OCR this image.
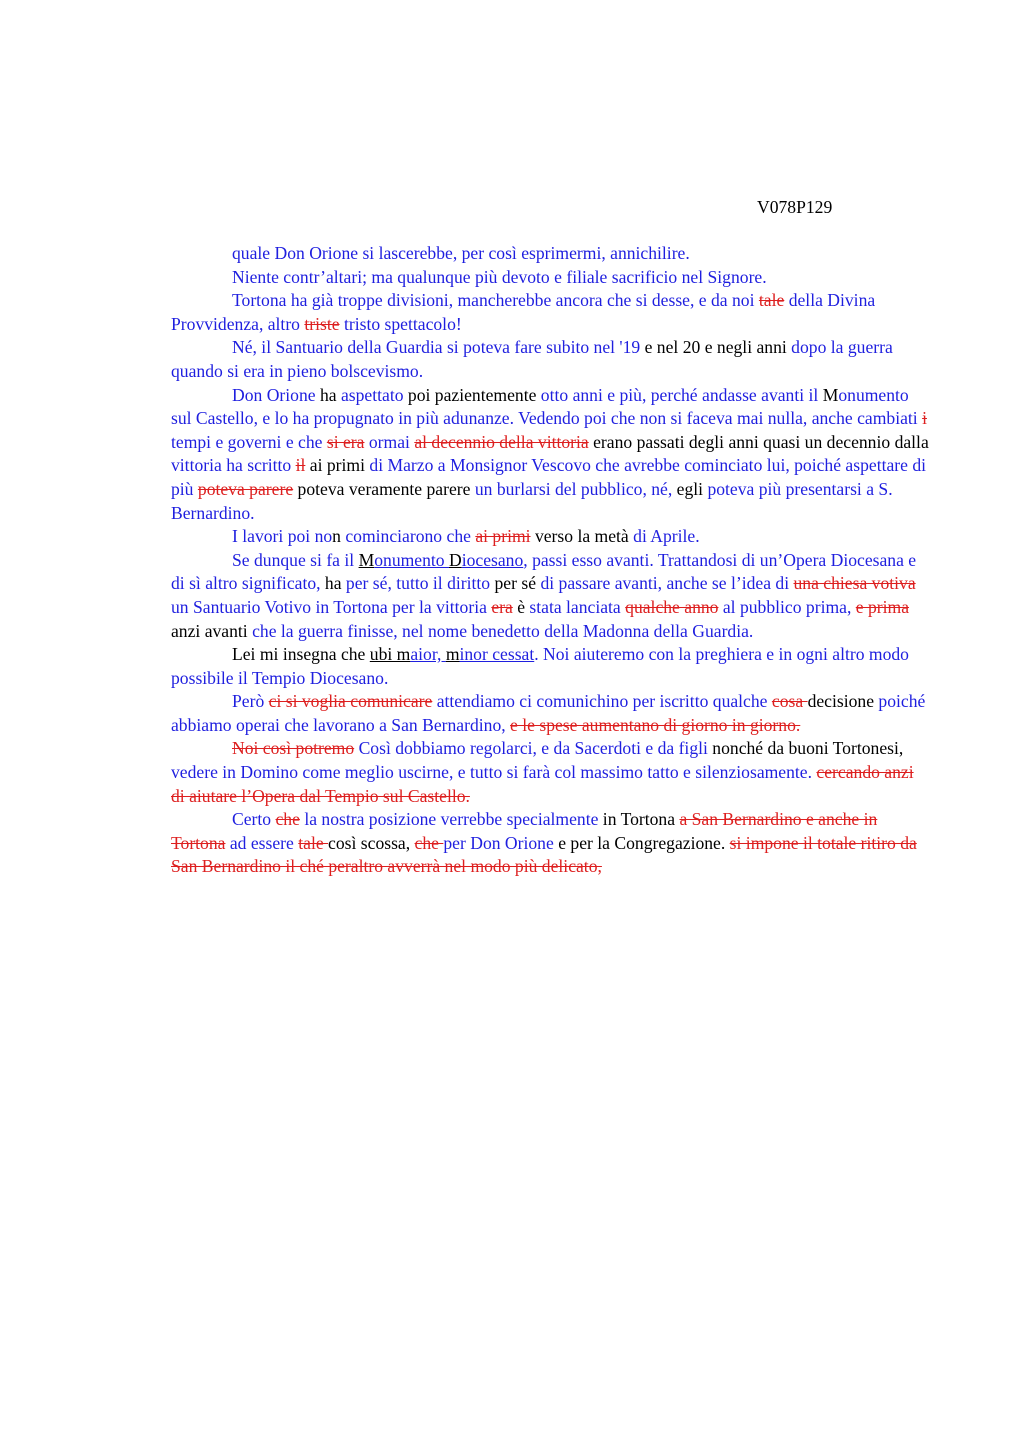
V078P129

quale Don Orione si lascerebbe, per così esprimermi, annichilire.

Niente contr’altari; ma qualunque più devoto e filiale sacrificio nel Signore.

Tortona ha già troppe divisioni, mancherebbe ancora che si desse, e da noi tale della Divina Provvidenza, altro triste tristo spettacolo!

Né, il Santuario della Guardia si poteva fare subito nel '19 e nel 20 e negli anni dopo la guerra quando si era in pieno bolscevismo.

Don Orione ha aspettato poi pazientemente otto anni e più, perché andasse avanti il Monumento sul Castello, e lo ha propugnato in più adunanze. Vedendo poi che non si faceva mai nulla, anche cambiati i tempi e governi e che si era ormai al decennio della vittoria erano passati degli anni quasi un decennio dalla vittoria ha scritto il ai primi di Marzo a Monsignor Vescovo che avrebbe cominciato lui, poiché aspettare di più poteva parere poteva veramente parere un burlarsi del pubblico, né, egli poteva più presentarsi a S. Bernardino.

I lavori poi non cominciarono che ai primi verso la metà di Aprile.

Se dunque si fa il Monumento Diocesano, passi esso avanti. Trattandosi di un’Opera Diocesana e di sì altro significato, ha per sé, tutto il diritto per sé di passare avanti, anche se l’idea di una chiesa votiva un Santuario Votivo in Tortona per la vittoria era è stata lanciata qualche anno al pubblico prima, e prima anzi avanti che la guerra finisse, nel nome benedetto della Madonna della Guardia.

Lei mi insegna che ubi maior, minor cessat. Noi aiuteremo con la preghiera e in ogni altro modo possibile il Tempio Diocesano.

Però ci si voglia comunicare attendiamo ci comunichino per iscritto qualche cosa decisione poiché abbiamo operai che lavorano a San Bernardino, e le spese aumentano di giorno in giorno.

Noi così potremo Così dobbiamo regolarci, e da Sacerdoti e da figli nonché da buoni Tortonesi, vedere in Domino come meglio uscirne, e tutto si farà col massimo tatto e silenziosamente. cercando anzi di aiutare l’Opera dal Tempio sul Castello.

Certo che la nostra posizione verrebbe specialmente in Tortona a San Bernardino e anche in Tortona ad essere tale così scossa, che per Don Orione e per la Congregazione. si impone il totale ritiro da San Bernardino il ché peraltro avverrà nel modo più delicato,
